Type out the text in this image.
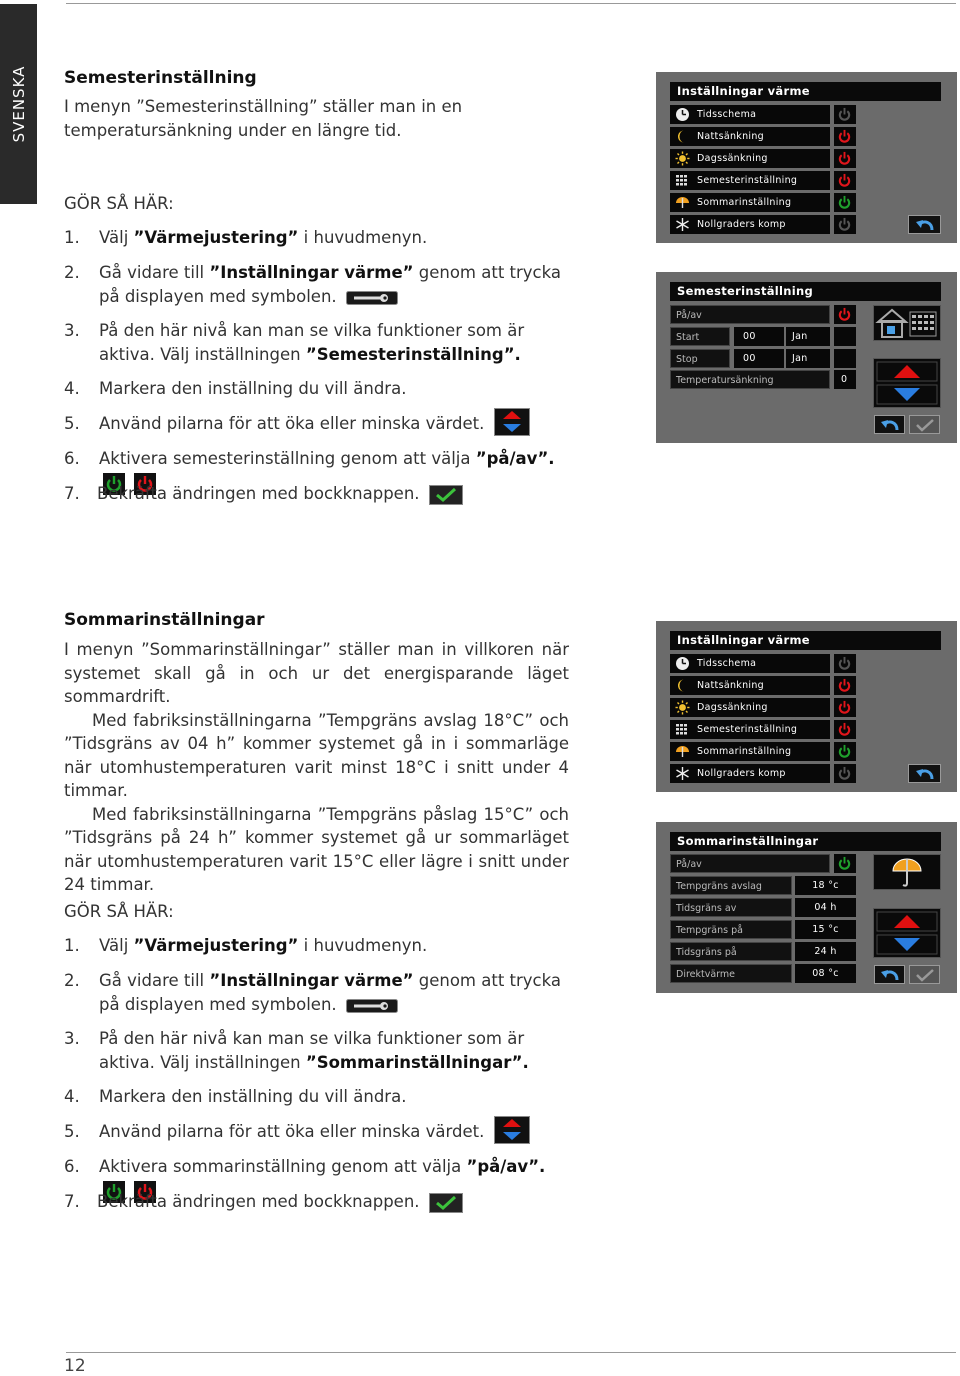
SVENSKA Semesterinställning

I menyn ”Semesterinställning” ställer man in en temperatursänkning under en längre tid.

GÖR SÅ HÄR:

1. Välj ”Värmejustering” i huvudmenyn.
2. Gå vidare till ”Inställningar värme” genom att trycka på displayen med symbolen.
3. På den här nivå kan man se vilka funktioner som är aktiva. Välj inställningen ”Semesterinställning”.
4. Markera den inställning du vill ändra.
5. Använd pilarna för att öka eller minska värdet.
6. Aktivera semesterinställning genom att välja ”på/av”.
7. Bekräfta ändringen med bockknappen.

Sommarinställningar

I menyn ”Sommarinställningar” ställer man in villkoren när systemet skall gå in och ur det energisparande läget sommardrift.

Med fabriksinställningarna ”Tempgräns avslag 18°C” och ”Tidsgräns av 04 h” kommer systemet gå in i sommarläge när utomhustemperaturen varit minst 18°C i snitt under 4 timmar.

Med fabriksinställningarna ”Tempgräns påslag 15°C” och ”Tidsgräns på 24 h” kommer systemet gå ur sommarläget när utomhustemperaturen varit 15°C eller lägre i snitt under 24 timmar.

GÖR SÅ HÄR:

1. Välj ”Värmejustering” i huvudmenyn.
2. Gå vidare till ”Inställningar värme” genom att trycka på displayen med symbolen.
3. På den här nivå kan man se vilka funktioner som är aktiva. Välj inställningen ”Sommarinställningar”.
4. Markera den inställning du vill ändra.
5. Använd pilarna för att öka eller minska värdet.
6. Aktivera sommarinställning genom att välja ”på/av”.
7. Bekräfta ändringen med bockknappen.
Inställningar värme
Tidsschema
Nattsänkning
Dagssänkning
Semesterinställning
Sommarinställning
Nollgraders komp
Semesterinställning
På/av
Start	00	Jan
Stop	00	Jan
Temperatursänkning	0
Inställningar värme
Tidsschema
Nattsänkning
Dagssänkning
Semesterinställning
Sommarinställning
Nollgraders komp
Sommarinställningar
På/av
Tempgräns avslag	18 °c
Tidsgräns av	04 h
Tempgräns på	15 °c
Tidsgräns på	24 h
Direktvärme	08 °c
12
